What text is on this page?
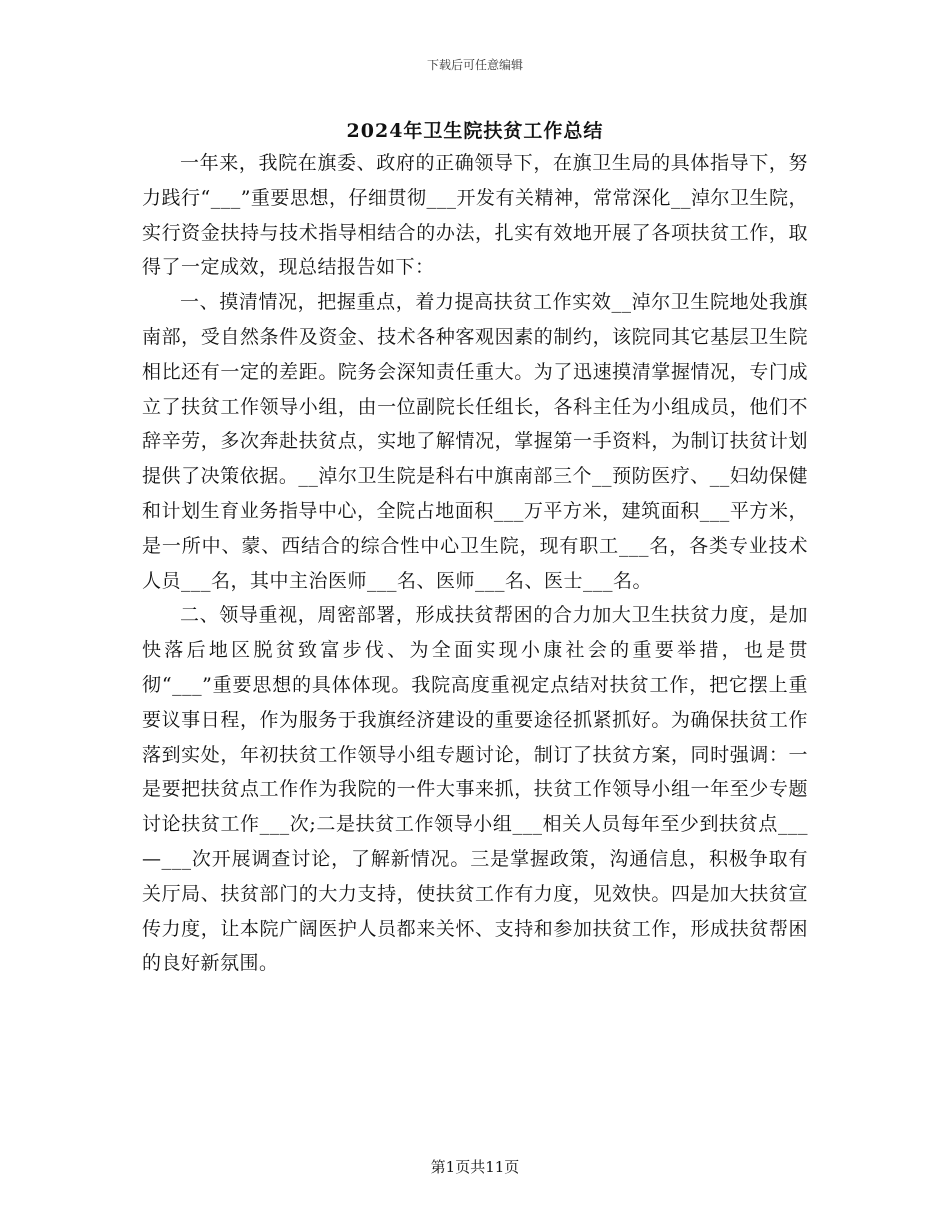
下载后可任意编辑
2024年卫生院扶贫工作总结

一年来，我院在旗委、政府的正确领导下，在旗卫生局的具体指导下，努力践行“___”重要思想，仔细贯彻___开发有关精神，常常深化__淖尔卫生院，实行资金扶持与技术指导相结合的办法，扎实有效地开展了各项扶贫工作，取得了一定成效，现总结报告如下：

一、摸清情况，把握重点，着力提高扶贫工作实效__淖尔卫生院地处我旗南部，受自然条件及资金、技术各种客观因素的制约，该院同其它基层卫生院相比还有一定的差距。院务会深知责任重大。为了迅速摸清掌握情况，专门成立了扶贫工作领导小组，由一位副院长任组长，各科主任为小组成员，他们不辞辛劳，多次奔赴扶贫点，实地了解情况，掌握第一手资料，为制订扶贫计划提供了决策依据。__淖尔卫生院是科右中旗南部三个__预防医疗、__妇幼保健和计划生育业务指导中心，全院占地面积___万平方米，建筑面积___平方米，是一所中、蒙、西结合的综合性中心卫生院，现有职工___名，各类专业技术人员___名，其中主治医师___名、医师___名、医士___名。

二、领导重视，周密部署，形成扶贫帮困的合力加大卫生扶贫力度，是加快落后地区脱贫致富步伐、为全面实现小康社会的重要举措，也是贯彻“___”重要思想的具体体现。我院高度重视定点结对扶贫工作，把它摆上重要议事日程，作为服务于我旗经济建设的重要途径抓紧抓好。为确保扶贫工作落到实处，年初扶贫工作领导小组专题讨论，制订了扶贫方案，同时强调：一是要把扶贫点工作作为我院的一件大事来抓，扶贫工作领导小组一年至少专题讨论扶贫工作___次;二是扶贫工作领导小组___相关人员每年至少到扶贫点___—___次开展调查讨论，了解新情况。三是掌握政策，沟通信息，积极争取有关厅局、扶贫部门的大力支持，使扶贫工作有力度，见效快。四是加大扶贫宣传力度，让本院广阔医护人员都来关怀、支持和参加扶贫工作，形成扶贫帮困的良好新氛围。

第1页共11页
